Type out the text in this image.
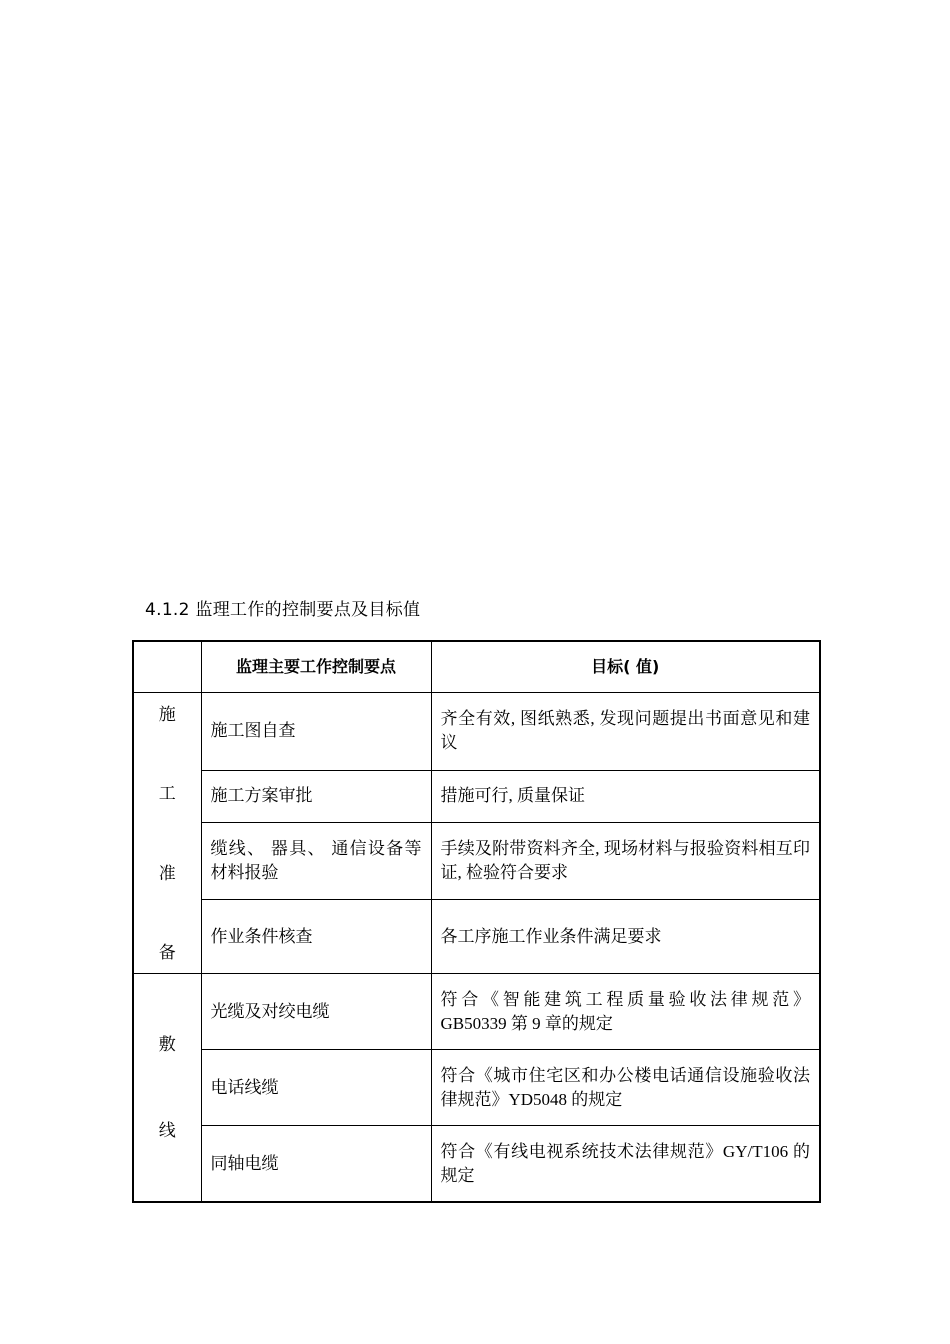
4.1.2 监理工作的控制要点及目标值
	监理主要工作控制要点	目标( 值)

施
工
准
备	施工图自查	齐全有效, 图纸熟悉, 发现问题提出书面意见和建议
	施工方案审批	措施可行, 质量保证
	缆线、 器具、 通信设备等材料报验	手续及附带资料齐全, 现场材料与报验资料相互印证, 检验符合要求
	作业条件核查	各工序施工作业条件满足要求

敷
线	光缆及对绞电缆	符合《智能建筑工程质量验收法律规范》GB50339 第 9 章的规定
	电话线缆	符合《城市住宅区和办公楼电话通信设施验收法律规范》YD5048 的规定
	同轴电缆	符合《有线电视系统技术法律规范》GY/T106 的规定
